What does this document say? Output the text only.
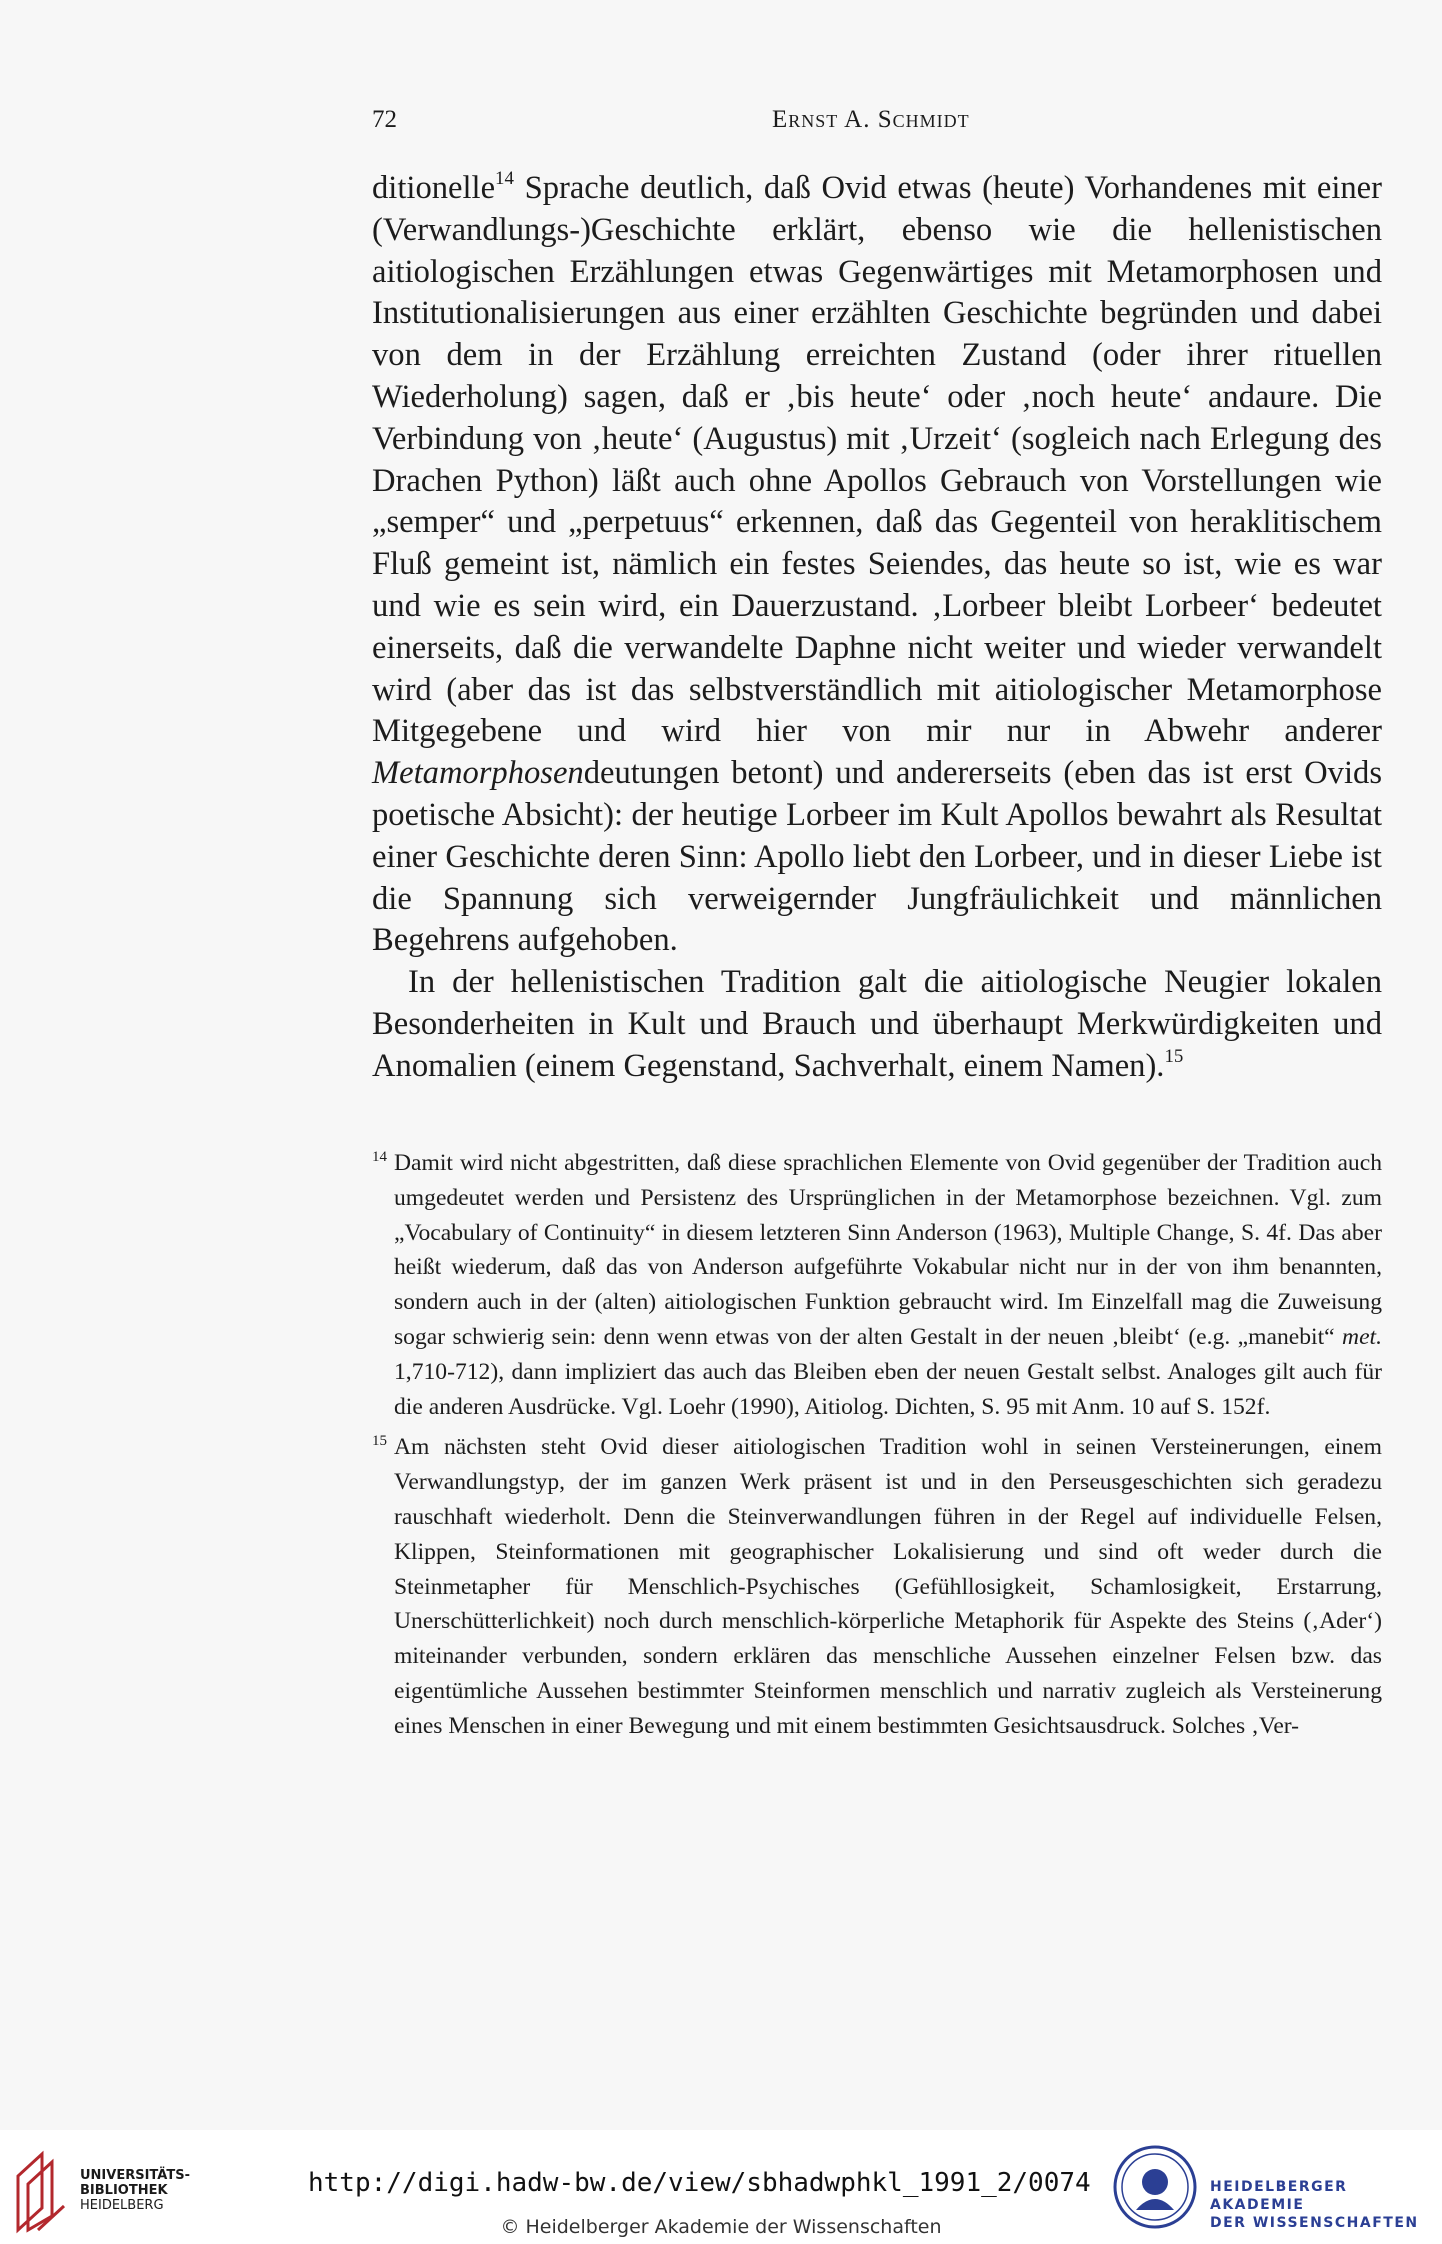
72	Ernst A. Schmidt

ditionelle$^{14}$ Sprache deutlich, daß Ovid etwas (heute) Vorhandenes mit einer (Verwandlungs-)Geschichte erklärt, ebenso wie die hellenistischen aitiologischen Erzählungen etwas Gegenwärtiges mit Metamorphosen und Institutionalisierungen aus einer erzählten Geschichte begründen und dabei von dem in der Erzählung erreichten Zustand (oder ihrer rituellen Wiederholung) sagen, daß er ‚bis heute‘ oder ‚noch heute‘ andaure. Die Verbindung von ‚heute‘ (Augustus) mit ‚Urzeit‘ (sogleich nach Erlegung des Drachen Python) läßt auch ohne Apollos Gebrauch von Vorstellungen wie „semper“ und „perpetuus“ erkennen, daß das Gegenteil von heraklitischem Fluß gemeint ist, nämlich ein festes Seiendes, das heute so ist, wie es war und wie es sein wird, ein Dauerzustand. ‚Lorbeer bleibt Lorbeer‘ bedeutet einerseits, daß die verwandelte Daphne nicht weiter und wieder verwandelt wird (aber das ist das selbstverständlich mit aitiologischer Metamorphose Mitgegebene und wird hier von mir nur in Abwehr anderer Metamorphosendeutungen betont) und andererseits (eben das ist erst Ovids poetische Absicht): der heutige Lorbeer im Kult Apollos bewahrt als Resultat einer Geschichte deren Sinn: Apollo liebt den Lorbeer, und in dieser Liebe ist die Spannung sich verweigernder Jungfräulichkeit und männlichen Begehrens aufgehoben.

In der hellenistischen Tradition galt die aitiologische Neugier lokalen Besonderheiten in Kult und Brauch und überhaupt Merkwürdigkeiten und Anomalien (einem Gegenstand, Sachverhalt, einem Namen).$^{15}$

14 Damit wird nicht abgestritten, daß diese sprachlichen Elemente von Ovid gegenüber der Tradition auch umgedeutet werden und Persistenz des Ursprünglichen in der Metamorphose bezeichnen. Vgl. zum „Vocabulary of Continuity“ in diesem letzteren Sinn Anderson (1963), Multiple Change, S. 4f. Das aber heißt wiederum, daß das von Anderson aufgeführte Vokabular nicht nur in der von ihm benannten, sondern auch in der (alten) aitiologischen Funktion gebraucht wird. Im Einzelfall mag die Zuweisung sogar schwierig sein: denn wenn etwas von der alten Gestalt in der neuen ‚bleibt‘ (e.g. „manebit“ met. 1,710-712), dann impliziert das auch das Bleiben eben der neuen Gestalt selbst. Analoges gilt auch für die anderen Ausdrücke. Vgl. Loehr (1990), Aitiolog. Dichten, S. 95 mit Anm. 10 auf S. 152f.

15 Am nächsten steht Ovid dieser aitiologischen Tradition wohl in seinen Versteinerungen, einem Verwandlungstyp, der im ganzen Werk präsent ist und in den Perseusgeschichten sich geradezu rauschhaft wiederholt. Denn die Steinverwandlungen führen in der Regel auf individuelle Felsen, Klippen, Steinformationen mit geographischer Lokalisierung und sind oft weder durch die Steinmetapher für Menschlich-Psychisches (Gefühllosigkeit, Schamlosigkeit, Erstarrung, Unerschütterlichkeit) noch durch menschlich-körperliche Metaphorik für Aspekte des Steins (‚Ader‘) miteinander verbunden, sondern erklären das menschliche Aussehen einzelner Felsen bzw. das eigentümliche Aussehen bestimmter Steinformen menschlich und narrativ zugleich als Versteinerung eines Menschen in einer Bewegung und mit einem bestimmten Gesichtsausdruck. Solches ‚Ver-

UNIVERSITÄTS-
BIBLIOTHEK
HEIDELBERG
http://digi.hadw-bw.de/view/sbhadwphkl_1991_2/0074
© Heidelberger Akademie der Wissenschaften
HEIDELBERGER AKADEMIE
DER WISSENSCHAFTEN
